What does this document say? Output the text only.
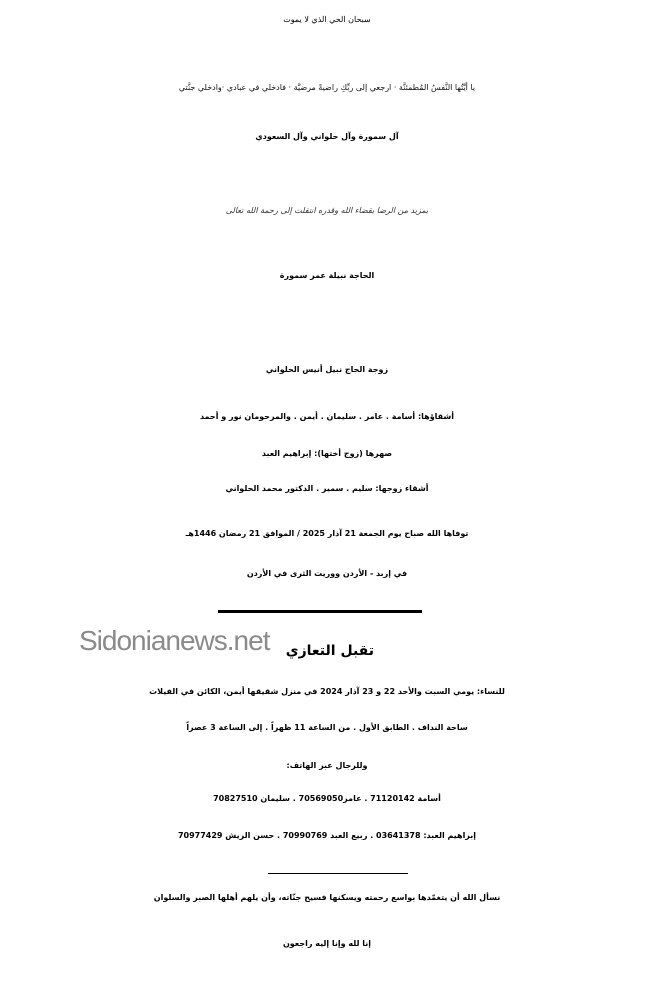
سبحان الحي الذي لا يموت
يا أيَّتُها النَّفسُ المُطمئنَّة · ارجعي إلى ربِّكِ راضيةً مرضيَّة · فادخلي في عبادي ·وادخلي جنَّتي
آل سمورة وآل حلواني وآل السعودي
بمزيد من الرضا بقضاء الله وقدره انتقلت إلى رحمة الله تعالى
الحاجة نبيلة عمر سمورة
زوجة الحاج نبيل أنيس الحلواني
أشقاؤها: أسامة . عامر . سليمان . أيمن . والمرحومان نور و أحمد
صهرها (زوج أختها): إبراهيم العبد
أشقاء زوجها: سليم . سمير . الدكتور محمد الحلواني
توفاها الله صباح يوم الجمعة 21 آذار 2025 / الموافق 21 رمضان 1446هـ
في إربد - الأردن ووريت الثرى في الأردن
Sidonianews.net تقبل التعازي
للنساء: يومي السبت والأحد 22 و 23 آذار 2024 في منزل شقيقها أيمن، الكائن في الفيلات
ساحة النداف . الطابق الأول . من الساعة 11 ظهراً . إلى الساعة 3 عصراً
وللرجال عبر الهاتف:
أسامة 71120142 . عامر70569050 . سليمان 70827510
إبراهيم العبد: 03641378 . ربيع العبد 70990769 . حسن الريش 70977429
نسأل الله أن يتغمّدها بواسع رحمته ويسكنها فسيح جنّاته، وأن يلهم أهلها الصبر والسلوان
إنا لله وإنا إليه راجعون
